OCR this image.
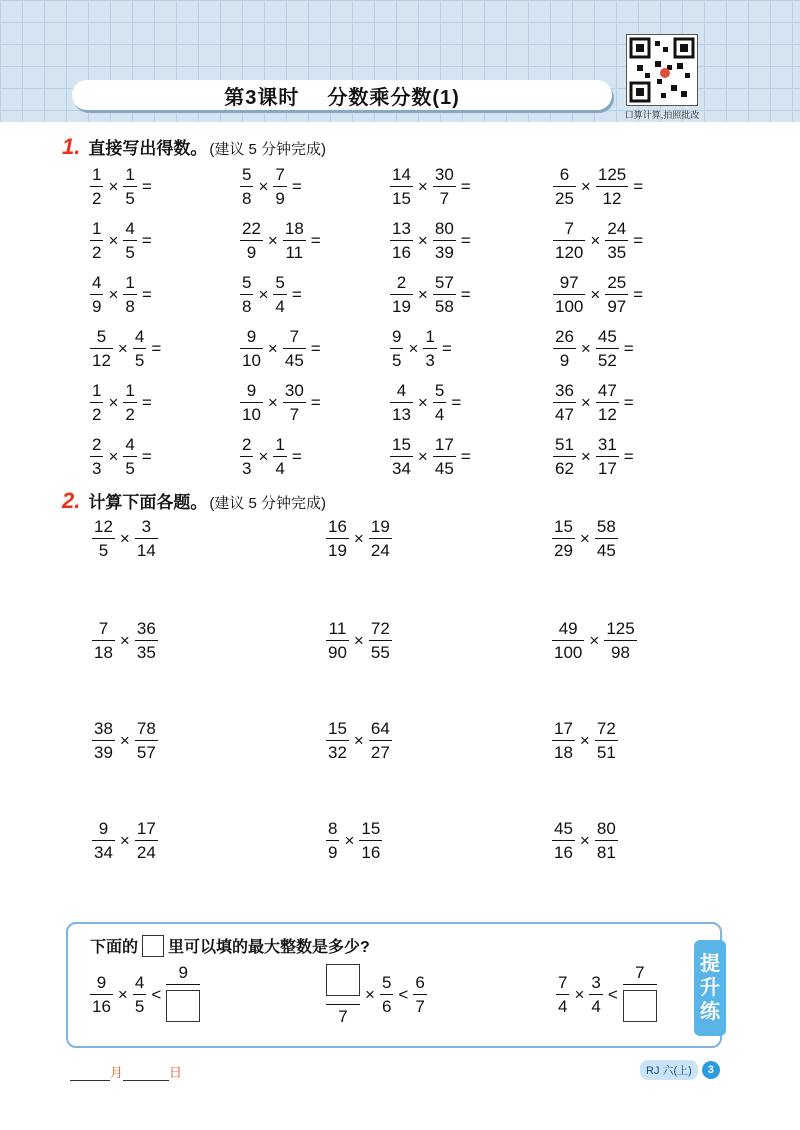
第3课时 分数乘分数(1)
口算计算,拍照批改
1. 直接写出得数。 (建议 5 分钟完成)
$\frac{1}{2} \times \frac{1}{5}$ =	$\frac{5}{8} \times \frac{7}{9}$ =	$\frac{14}{15} \times \frac{30}{7}$ =	$\frac{6}{25} \times \frac{125}{12}$ =
$\frac{1}{2} \times \frac{4}{5}$ =	$\frac{22}{9} \times \frac{18}{11}$ =	$\frac{13}{16} \times \frac{80}{39}$ =	$\frac{7}{120} \times \frac{24}{35}$ =
$\frac{4}{9} \times \frac{1}{8}$ =	$\frac{5}{8} \times \frac{5}{4}$ =	$\frac{2}{19} \times \frac{57}{58}$ =	$\frac{97}{100} \times \frac{25}{97}$ =
$\frac{5}{12} \times \frac{4}{5}$ =	$\frac{9}{10} \times \frac{7}{45}$ =	$\frac{9}{5} \times \frac{1}{3}$ =	$\frac{26}{9} \times \frac{45}{52}$ =
$\frac{1}{2} \times \frac{1}{2}$ =	$\frac{9}{10} \times \frac{30}{7}$ =	$\frac{4}{13} \times \frac{5}{4}$ =	$\frac{36}{47} \times \frac{47}{12}$ =
$\frac{2}{3} \times \frac{4}{5}$ =	$\frac{2}{3} \times \frac{1}{4}$ =	$\frac{15}{34} \times \frac{17}{45}$ =	$\frac{51}{62} \times \frac{31}{17}$ =
2. 计算下面各题。 (建议 5 分钟完成)
$\frac{12}{5} \times \frac{3}{14}$	$\frac{16}{19} \times \frac{19}{24}$	$\frac{15}{29} \times \frac{58}{45}$
$\frac{7}{18} \times \frac{36}{35}$	$\frac{11}{90} \times \frac{72}{55}$	$\frac{49}{100} \times \frac{125}{98}$
$\frac{38}{39} \times \frac{78}{57}$	$\frac{15}{32} \times \frac{64}{27}$	$\frac{17}{18} \times \frac{72}{51}$
$\frac{9}{34} \times \frac{17}{24}$	$\frac{8}{9} \times \frac{15}{16}$	$\frac{45}{16} \times \frac{80}{81}$
下面的 里可以填的最大整数是多少?
$\frac{9}{16} \times \frac{4}{5}$ <
9
7
× $\frac{5}{6} < \frac{6}{7}$	$\frac{7}{4} \times \frac{3}{4}$ <
7	提
升
练
月	日	RJ 六(上)	3
